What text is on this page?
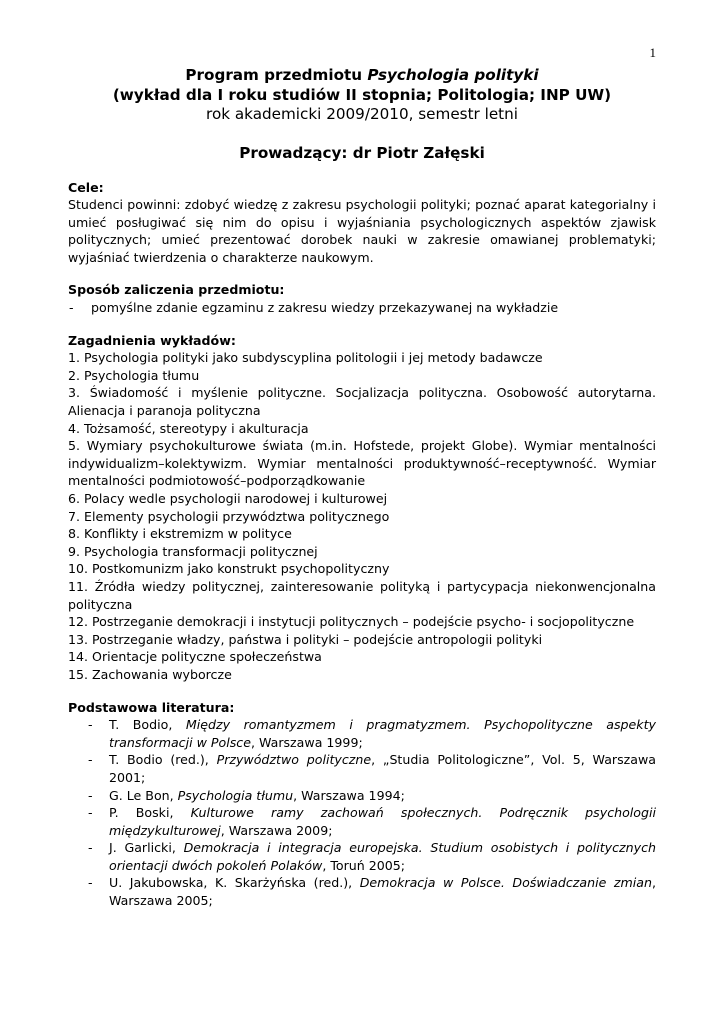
1
Program przedmiotu Psychologia polityki
(wykład dla I roku studiów II stopnia; Politologia; INP UW)
rok akademicki 2009/2010, semestr letni
Prowadzący: dr Piotr Załęski
Cele:
Studenci powinni: zdobyć wiedzę z zakresu psychologii polityki; poznać aparat kategorialny i umieć posługiwać się nim do opisu i wyjaśniania psychologicznych aspektów zjawisk politycznych; umieć prezentować dorobek nauki w zakresie omawianej problematyki; wyjaśniać twierdzenia o charakterze naukowym.
Sposób zaliczenia przedmiotu:
-	pomyślne zdanie egzaminu z zakresu wiedzy przekazywanej na wykładzie
Zagadnienia wykładów:
1. Psychologia polityki jako subdyscyplina politologii i jej metody badawcze
2. Psychologia tłumu
3. Świadomość i myślenie polityczne. Socjalizacja polityczna. Osobowość autorytarna. Alienacja i paranoja polityczna
4. Tożsamość, stereotypy i akulturacja
5. Wymiary psychokulturowe świata (m.in. Hofstede, projekt Globe). Wymiar mentalności indywidualizm–kolektywizm. Wymiar mentalności produktywność–receptywność. Wymiar mentalności podmiotowość–podporządkowanie
6. Polacy wedle psychologii narodowej i kulturowej
7. Elementy psychologii przywództwa politycznego
8. Konflikty i ekstremizm w polityce
9. Psychologia transformacji politycznej
10. Postkomunizm jako konstrukt psychopolityczny
11. Źródła wiedzy politycznej, zainteresowanie polityką i partycypacja niekonwencjonalna polityczna
12. Postrzeganie demokracji i instytucji politycznych – podejście psycho- i socjopolityczne
13. Postrzeganie władzy, państwa i polityki – podejście antropologii polityki
14. Orientacje polityczne społeczeństwa
15. Zachowania wyborcze
Podstawowa literatura:
-	T. Bodio, Między romantyzmem i pragmatyzmem. Psychopolityczne aspekty transformacji w Polsce, Warszawa 1999;
-	T. Bodio (red.), Przywództwo polityczne, „Studia Politologiczne”, Vol. 5, Warszawa 2001;
-	G. Le Bon, Psychologia tłumu, Warszawa 1994;
-	P. Boski, Kulturowe ramy zachowań społecznych. Podręcznik psychologii międzykulturowej, Warszawa 2009;
-	J. Garlicki, Demokracja i integracja europejska. Studium osobistych i politycznych orientacji dwóch pokoleń Polaków, Toruń 2005;
-	U. Jakubowska, K. Skarżyńska (red.), Demokracja w Polsce. Doświadczanie zmian, Warszawa 2005;
